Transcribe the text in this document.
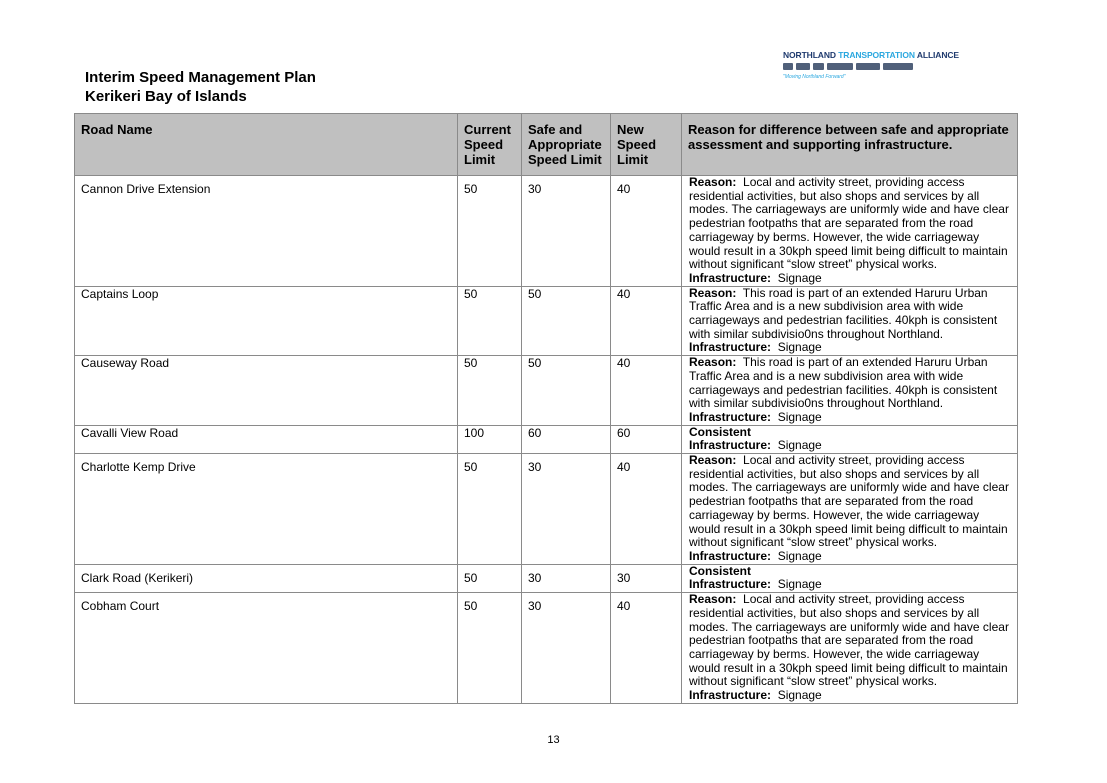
Interim Speed Management Plan
Kerikeri Bay of Islands
NORTHLAND TRANSPORTATION ALLIANCE
"Moving Northland Forward"
Road Name	Current Speed Limit	Safe and Appropriate Speed Limit	New Speed Limit	Reason for difference between safe and appropriate assessment and supporting infrastructure.
Cannon Drive Extension	50	30	40	Reason: Local and activity street, providing access residential activities, but also shops and services by all modes. The carriageways are uniformly wide and have clear pedestrian footpaths that are separated from the road carriageway by berms. However, the wide carriageway would result in a 30kph speed limit being difficult to maintain without significant “slow street” physical works.
Infrastructure: Signage

Captains Loop	50	50	40	Reason: This road is part of an extended Haruru Urban Traffic Area and is a new subdivision area with wide carriageways and pedestrian facilities. 40kph is consistent with similar subdivisio0ns throughout Northland.
Infrastructure: Signage

Causeway Road	50	50	40	Reason: This road is part of an extended Haruru Urban Traffic Area and is a new subdivision area with wide carriageways and pedestrian facilities. 40kph is consistent with similar subdivisio0ns throughout Northland.
Infrastructure: Signage

Cavalli View Road	100	60	60	Consistent
Infrastructure: Signage

Charlotte Kemp Drive	50	30	40	Reason: Local and activity street, providing access residential activities, but also shops and services by all modes. The carriageways are uniformly wide and have clear pedestrian footpaths that are separated from the road carriageway by berms. However, the wide carriageway would result in a 30kph speed limit being difficult to maintain without significant “slow street” physical works.
Infrastructure: Signage

Clark Road (Kerikeri)	50	30	30	Consistent
Infrastructure: Signage

Cobham Court	50	30	40	Reason: Local and activity street, providing access residential activities, but also shops and services by all modes. The carriageways are uniformly wide and have clear pedestrian footpaths that are separated from the road carriageway by berms. However, the wide carriageway would result in a 30kph speed limit being difficult to maintain without significant “slow street” physical works.
Infrastructure: Signage
13
